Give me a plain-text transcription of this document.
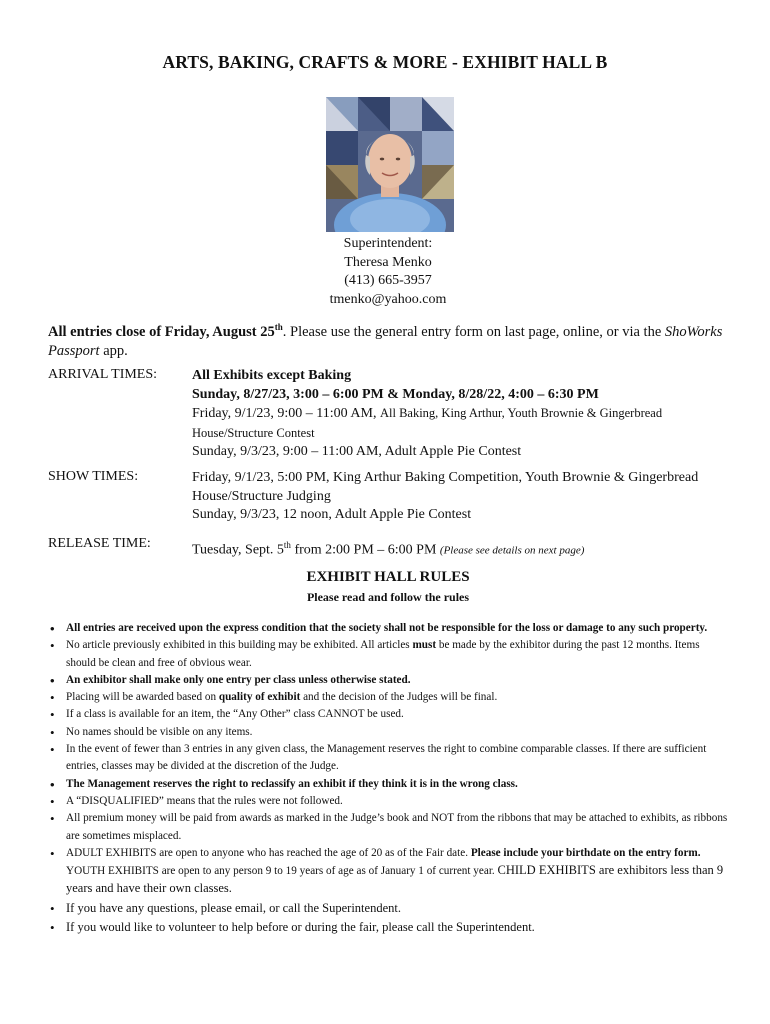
ARTS, BAKING, CRAFTS & MORE - EXHIBIT HALL B
Superintendent:
Theresa Menko
(413) 665-3957
tmenko@yahoo.com
All entries close of Friday, August 25th. Please use the general entry form on last page, online, or via the ShoWorks Passport app.
ARRIVAL TIMES: All Exhibits except Baking
Sunday, 8/27/23, 3:00 – 6:00 PM & Monday, 8/28/22, 4:00 – 6:30 PM
Friday, 9/1/23, 9:00 – 11:00 AM, All Baking, King Arthur, Youth Brownie & Gingerbread House/Structure Contest
Sunday, 9/3/23, 9:00 – 11:00 AM, Adult Apple Pie Contest
SHOW TIMES:	Friday, 9/1/23, 5:00 PM, King Arthur Baking Competition, Youth Brownie & Gingerbread House/Structure Judging
Sunday, 9/3/23, 12 noon, Adult Apple Pie Contest
RELEASE TIME:	Tuesday, Sept. 5th from 2:00 PM – 6:00 PM (Please see details on next page)
EXHIBIT HALL RULES
Please read and follow the rules
• All entries are received upon the express condition that the society shall not be responsible for the loss or damage to any such property.
• No article previously exhibited in this building may be exhibited. All articles must be made by the exhibitor during the past 12 months. Items should be clean and free of obvious wear.
• An exhibitor shall make only one entry per class unless otherwise stated.
• Placing will be awarded based on quality of exhibit and the decision of the Judges will be final.
• If a class is available for an item, the “Any Other” class CANNOT be used.
• No names should be visible on any items.
• In the event of fewer than 3 entries in any given class, the Management reserves the right to combine comparable classes. If there are sufficient entries, classes may be divided at the discretion of the Judge.
• The Management reserves the right to reclassify an exhibit if they think it is in the wrong class.
• A “DISQUALIFIED” means that the rules were not followed.
• All premium money will be paid from awards as marked in the Judge’s book and NOT from the ribbons that may be attached to exhibits, as ribbons are sometimes misplaced.
• ADULT EXHIBITS are open to anyone who has reached the age of 20 as of the Fair date. Please include your birthdate on the entry form. YOUTH EXHIBITS are open to any person 9 to 19 years of age as of January 1 of current year. CHILD EXHIBITS are exhibitors less than 9 years and have their own classes.
• If you have any questions, please email, or call the Superintendent.
• If you would like to volunteer to help before or during the fair, please call the Superintendent.
